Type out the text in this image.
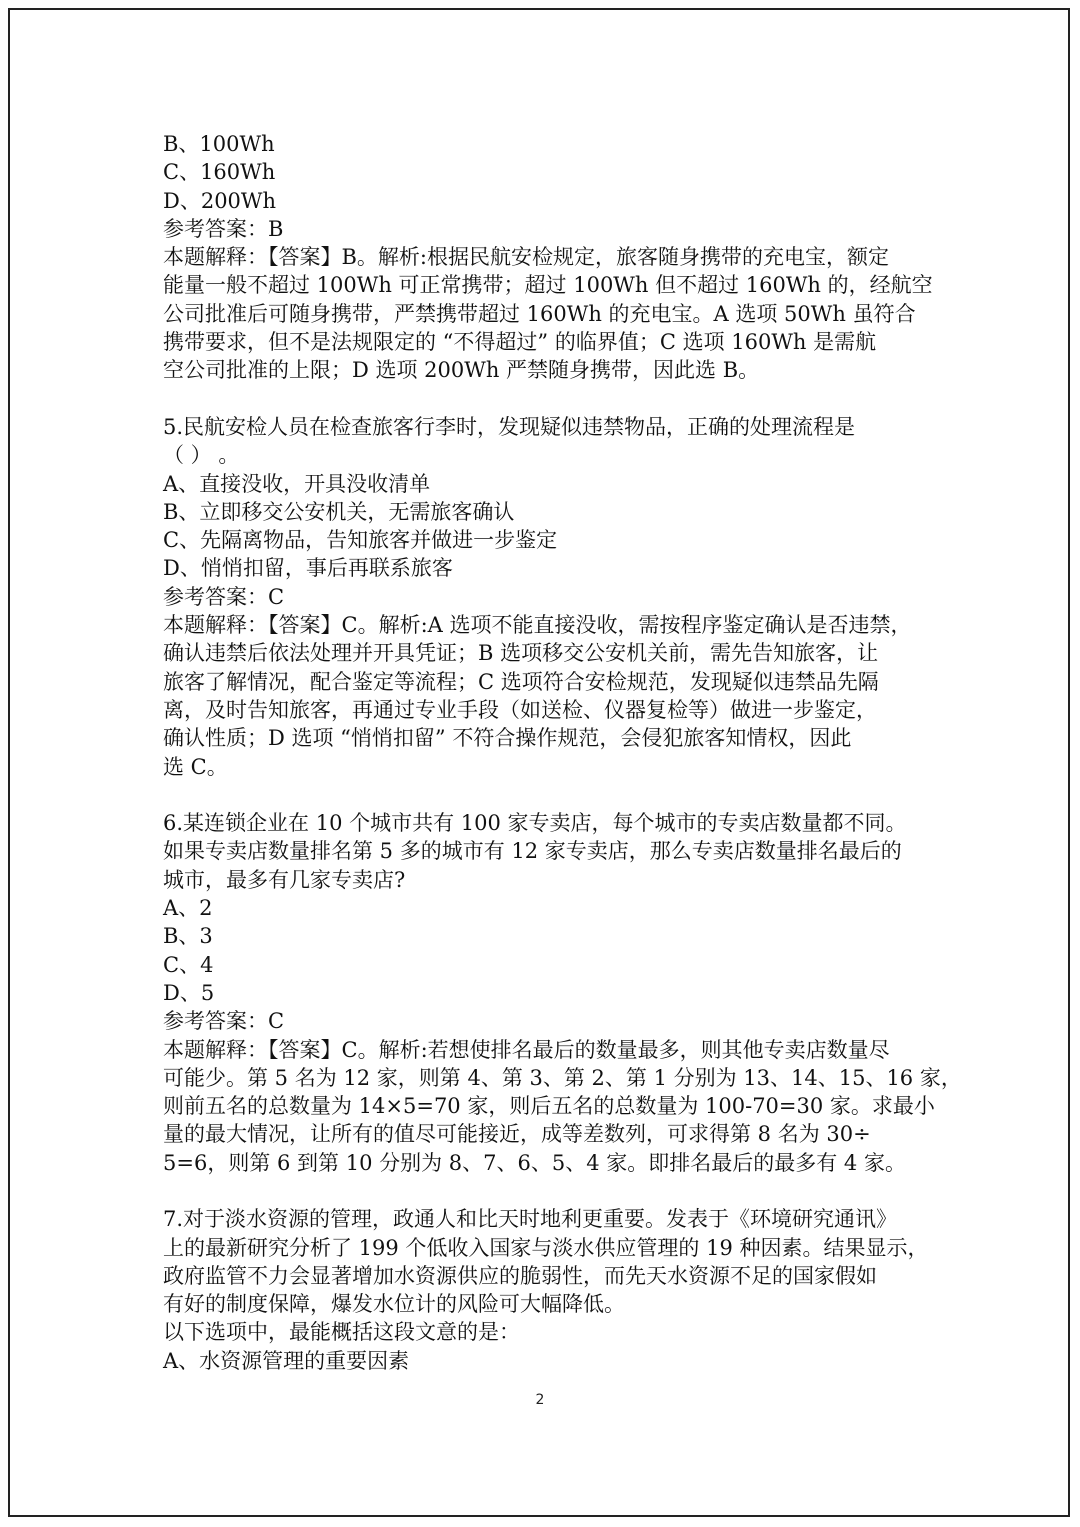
B、100Wh
C、160Wh
D、200Wh
参考答案：B
本题解释：【答案】B。解析:根据民航安检规定，旅客随身携带的充电宝，额定
能量一般不超过 100Wh 可正常携带；超过 100Wh 但不超过 160Wh 的，经航空
公司批准后可随身携带，严禁携带超过 160Wh 的充电宝。A 选项 50Wh 虽符合
携带要求，但不是法规限定的 “不得超过” 的临界值；C 选项 160Wh 是需航
空公司批准的上限；D 选项 200Wh 严禁随身携带，因此选 B。
5.民航安检人员在检查旅客行李时，发现疑似违禁物品，正确的处理流程是
（ ） 。
A、直接没收，开具没收清单
B、立即移交公安机关，无需旅客确认
C、先隔离物品，告知旅客并做进一步鉴定
D、悄悄扣留，事后再联系旅客
参考答案：C
本题解释：【答案】C。解析:A 选项不能直接没收，需按程序鉴定确认是否违禁，
确认违禁后依法处理并开具凭证；B 选项移交公安机关前，需先告知旅客，让
旅客了解情况，配合鉴定等流程；C 选项符合安检规范，发现疑似违禁品先隔
离，及时告知旅客，再通过专业手段（如送检、仪器复检等）做进一步鉴定，
确认性质；D 选项 “悄悄扣留” 不符合操作规范，会侵犯旅客知情权，因此
选 C。
6.某连锁企业在 10 个城市共有 100 家专卖店，每个城市的专卖店数量都不同。
如果专卖店数量排名第 5 多的城市有 12 家专卖店，那么专卖店数量排名最后的
城市，最多有几家专卖店?
A、2
B、3
C、4
D、5
参考答案：C
本题解释：【答案】C。解析:若想使排名最后的数量最多，则其他专卖店数量尽
可能少。第 5 名为 12 家，则第 4、第 3、第 2、第 1 分别为 13、14、15、16 家，
则前五名的总数量为 14×5=70 家，则后五名的总数量为 100-70=30 家。求最小
量的最大情况，让所有的值尽可能接近，成等差数列，可求得第 8 名为 30÷
5=6，则第 6 到第 10 分别为 8、7、6、5、4 家。即排名最后的最多有 4 家。
7.对于淡水资源的管理，政通人和比天时地利更重要。发表于《环境研究通讯》
上的最新研究分析了 199 个低收入国家与淡水供应管理的 19 种因素。结果显示，
政府监管不力会显著增加水资源供应的脆弱性，而先天水资源不足的国家假如
有好的制度保障，爆发水位计的风险可大幅降低。
以下选项中，最能概括这段文意的是：
A、水资源管理的重要因素
2
